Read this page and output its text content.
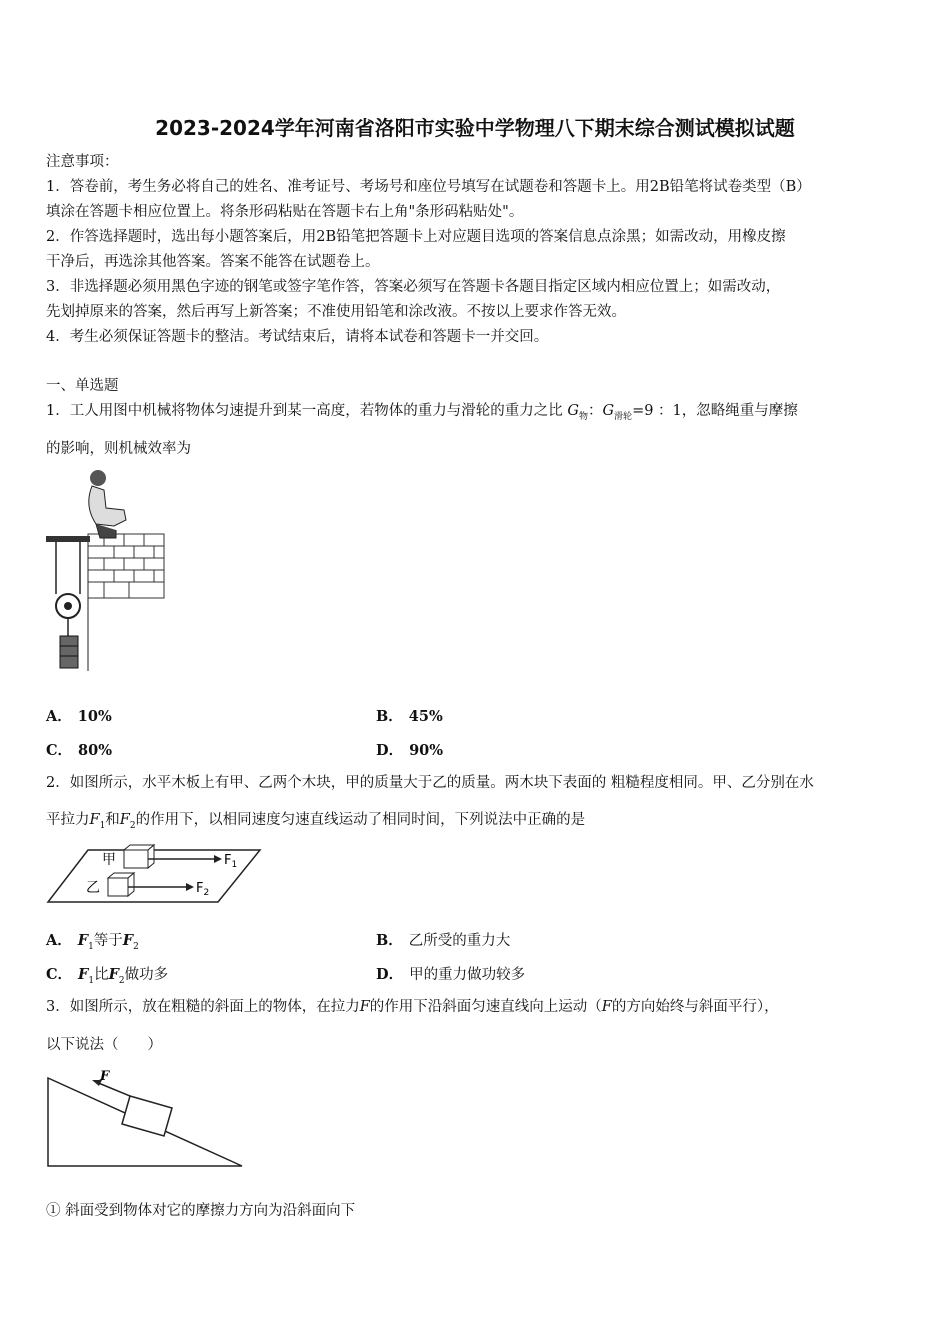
2023-2024学年河南省洛阳市实验中学物理八下期末综合测试模拟试题
注意事项：
1．答卷前，考生务必将自己的姓名、准考证号、考场号和座位号填写在试题卷和答题卡上。用2B铅笔将试卷类型（B）
填涂在答题卡相应位置上。将条形码粘贴在答题卡右上角"条形码粘贴处"。
2．作答选择题时，选出每小题答案后，用2B铅笔把答题卡上对应题目选项的答案信息点涂黑；如需改动，用橡皮擦
干净后，再选涂其他答案。答案不能答在试题卷上。
3．非选择题必须用黑色字迹的钢笔或签字笔作答，答案必须写在答题卡各题目指定区域内相应位置上；如需改动，
先划掉原来的答案，然后再写上新答案；不准使用铅笔和涂改液。不按以上要求作答无效。
4．考生必须保证答题卡的整洁。考试结束后，请将本试卷和答题卡一并交回。
一、单选题
1．工人用图中机械将物体匀速提升到某一高度，若物体的重力与滑轮的重力之比 $G_物$：$G_{滑轮}=9$ ：1，忽略绳重与摩擦
的影响，则机械效率为
A． 10%	B． 45%
C． 80%	D． 90%
2．如图所示，水平木板上有甲、乙两个木块，甲的质量大于乙的质量。两木块下表面的 粗糙程度相同。甲、乙分别在水
平拉力$F_1$和$F_2$的作用下，以相同速度匀速直线运动了相同时间，下列说法中正确的是
甲
乙
$F_1$
$F_2$
A． $F_1$等于$F_2$	B． 乙所受的重力大
C． $F_1$比$F_2$做功多	D． 甲的重力做功较多
3．如图所示，放在粗糙的斜面上的物体，在拉力F的作用下沿斜面匀速直线向上运动（F的方向始终与斜面平行），
以下说法（　　）
F
① 斜面受到物体对它的摩擦力方向为沿斜面向下
